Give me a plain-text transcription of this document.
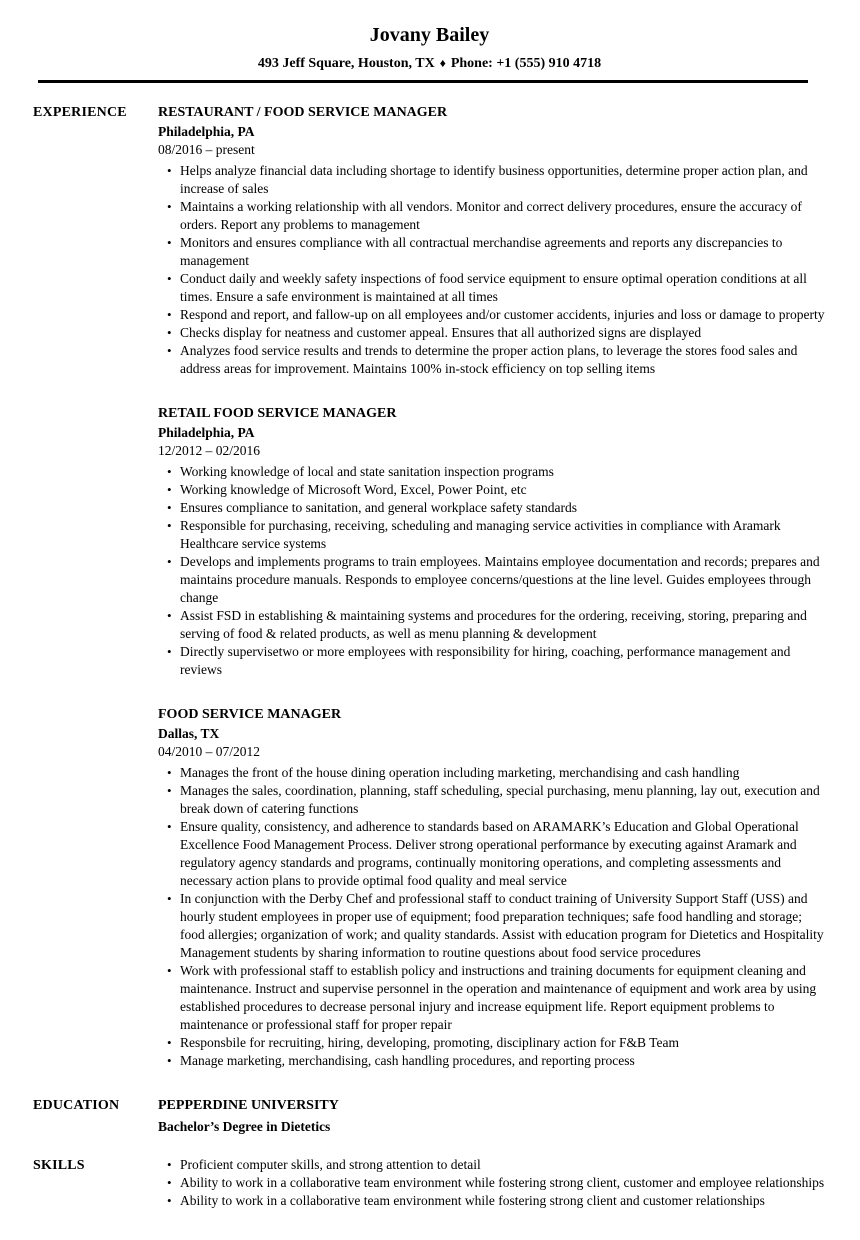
Jovany Bailey

493 Jeff Square, Houston, TX ♦ Phone: +1 (555) 910 4718

EXPERIENCE	RESTAURANT / FOOD SERVICE MANAGER
Philadelphia, PA
08/2016 – present
• Helps analyze financial data including shortage to identify business opportunities, determine proper action plan, and increase of sales
• Maintains a working relationship with all vendors. Monitor and correct delivery procedures, ensure the accuracy of orders. Report any problems to management
• Monitors and ensures compliance with all contractual merchandise agreements and reports any discrepancies to management
• Conduct daily and weekly safety inspections of food service equipment to ensure optimal operation conditions at all times. Ensure a safe environment is maintained at all times
• Respond and report, and fallow-up on all employees and/or customer accidents, injuries and loss or damage to property
• Checks display for neatness and customer appeal. Ensures that all authorized signs are displayed
• Analyzes food service results and trends to determine the proper action plans, to leverage the stores food sales and address areas for improvement. Maintains 100% in-stock efficiency on top selling items
RETAIL FOOD SERVICE MANAGER
Philadelphia, PA
12/2012 – 02/2016
• Working knowledge of local and state sanitation inspection programs
• Working knowledge of Microsoft Word, Excel, Power Point, etc
• Ensures compliance to sanitation, and general workplace safety standards
• Responsible for purchasing, receiving, scheduling and managing service activities in compliance with Aramark Healthcare service systems
• Develops and implements programs to train employees. Maintains employee documentation and records; prepares and maintains procedure manuals. Responds to employee concerns/questions at the line level. Guides employees through change
• Assist FSD in establishing & maintaining systems and procedures for the ordering, receiving, storing, preparing and serving of food & related products, as well as menu planning & development
• Directly supervisetwo or more employees with responsibility for hiring, coaching, performance management and reviews
FOOD SERVICE MANAGER
Dallas, TX
04/2010 – 07/2012
• Manages the front of the house dining operation including marketing, merchandising and cash handling
• Manages the sales, coordination, planning, staff scheduling, special purchasing, menu planning, lay out, execution and break down of catering functions
• Ensure quality, consistency, and adherence to standards based on ARAMARK’s Education and Global Operational Excellence Food Management Process. Deliver strong operational performance by executing against Aramark and regulatory agency standards and programs, continually monitoring operations, and completing assessments and necessary action plans to provide optimal food quality and meal service
• In conjunction with the Derby Chef and professional staff to conduct training of University Support Staff (USS) and hourly student employees in proper use of equipment; food preparation techniques; safe food handling and storage; food allergies; organization of work; and quality standards. Assist with education program for Dietetics and Hospitality Management students by sharing information to routine questions about food service procedures
• Work with professional staff to establish policy and instructions and training documents for equipment cleaning and maintenance. Instruct and supervise personnel in the operation and maintenance of equipment and work area by using established procedures to decrease personal injury and increase equipment life. Report equipment problems to maintenance or professional staff for proper repair
• Responsbile for recruiting, hiring, developing, promoting, disciplinary action for F&B Team
• Manage marketing, merchandising, cash handling procedures, and reporting process
EDUCATION	PEPPERDINE UNIVERSITY
Bachelor’s Degree in Dietetics
SKILLS	• Proficient computer skills, and strong attention to detail
• Ability to work in a collaborative team environment while fostering strong client, customer and employee relationships
• Ability to work in a collaborative team environment while fostering strong client and customer relationships
